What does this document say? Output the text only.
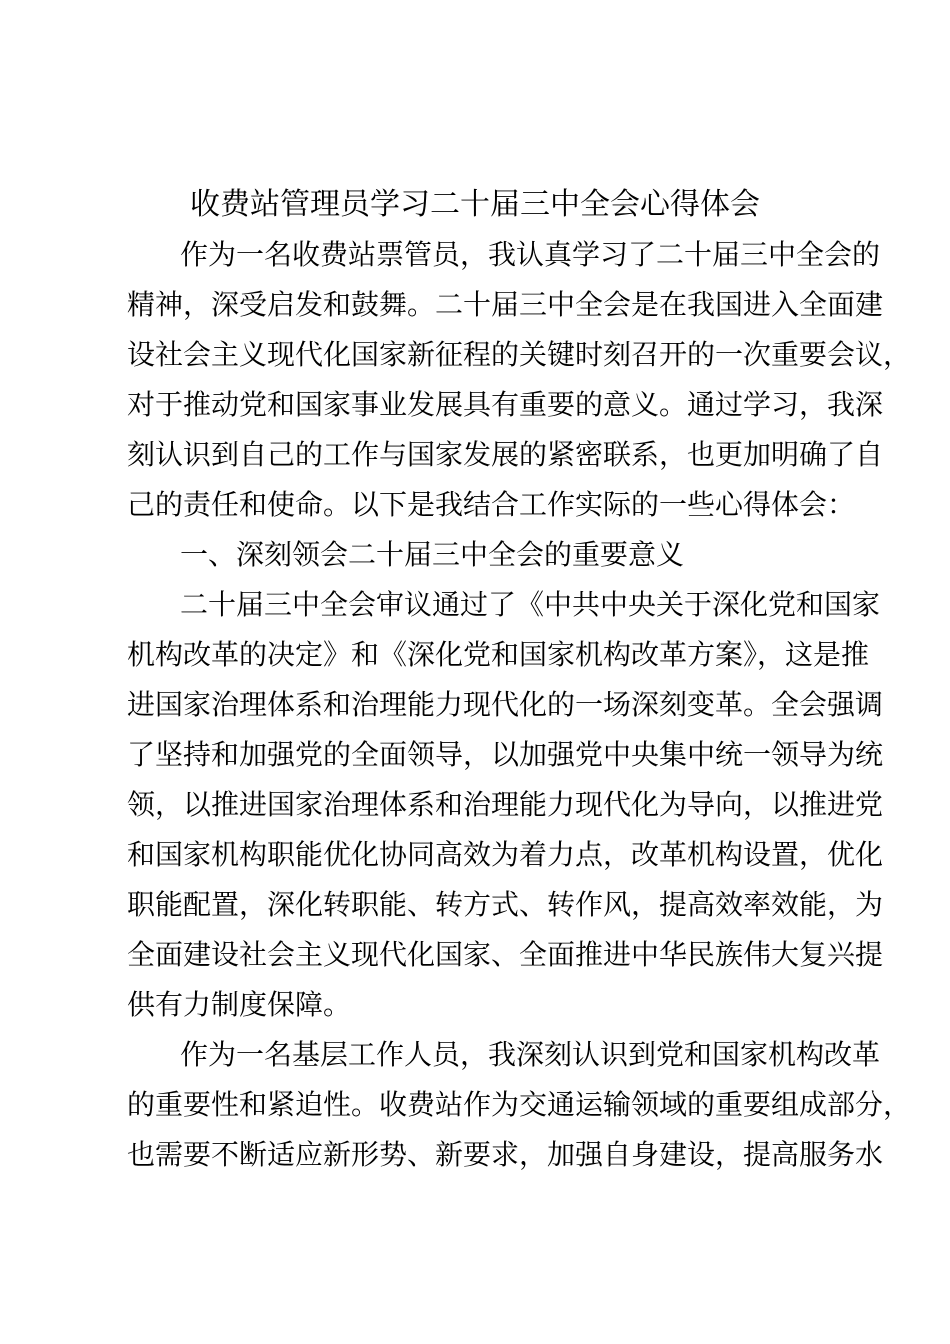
收费站管理员学习二十届三中全会心得体会

作为一名收费站票管员，我认真学习了二十届三中全会的

精神，深受启发和鼓舞。二十届三中全会是在我国进入全面建

设社会主义现代化国家新征程的关键时刻召开的一次重要会议，

对于推动党和国家事业发展具有重要的意义。通过学习，我深

刻认识到自己的工作与国家发展的紧密联系，也更加明确了自

己的责任和使命。以下是我结合工作实际的一些心得体会：

一、深刻领会二十届三中全会的重要意义

二十届三中全会审议通过了《中共中央关于深化党和国家

机构改革的决定》和《深化党和国家机构改革方案》，这是推

进国家治理体系和治理能力现代化的一场深刻变革。全会强调

了坚持和加强党的全面领导，以加强党中央集中统一领导为统

领，以推进国家治理体系和治理能力现代化为导向，以推进党

和国家机构职能优化协同高效为着力点，改革机构设置，优化

职能配置，深化转职能、转方式、转作风，提高效率效能，为

全面建设社会主义现代化国家、全面推进中华民族伟大复兴提

供有力制度保障。

作为一名基层工作人员，我深刻认识到党和国家机构改革

的重要性和紧迫性。收费站作为交通运输领域的重要组成部分，

也需要不断适应新形势、新要求，加强自身建设，提高服务水
